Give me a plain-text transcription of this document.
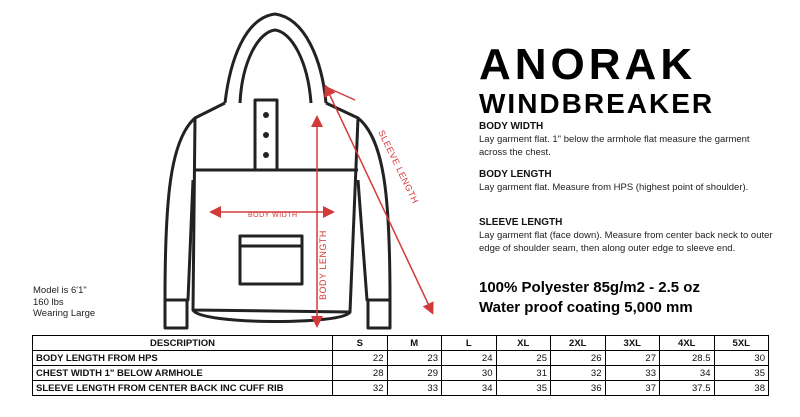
BODY WIDTH
BODY LENGTH
SLEEVE LENGTH
ANORAK
WINDBREAKER
BODY WIDTH
Lay garment flat. 1" below the armhole flat measure the garment across the chest.
BODY LENGTH
Lay garment flat. Measure from HPS (highest point of shoulder).
SLEEVE LENGTH
Lay garment flat (face down). Measure from center back neck to outer edge of shoulder seam, then along outer edge to sleeve end.
100% Polyester 85g/m2 - 2.5 oz
Water proof coating 5,000 mm
Model is 6'1"
160 lbs
Wearing Large
DESCRIPTION	S	M	L	XL	2XL	3XL	4XL	5XL
BODY LENGTH FROM HPS	22	23	24	25	26	27	28.5	30
CHEST WIDTH 1" BELOW ARMHOLE	28	29	30	31	32	33	34	35
SLEEVE LENGTH FROM CENTER BACK INC CUFF RIB	32	33	34	35	36	37	37.5	38
